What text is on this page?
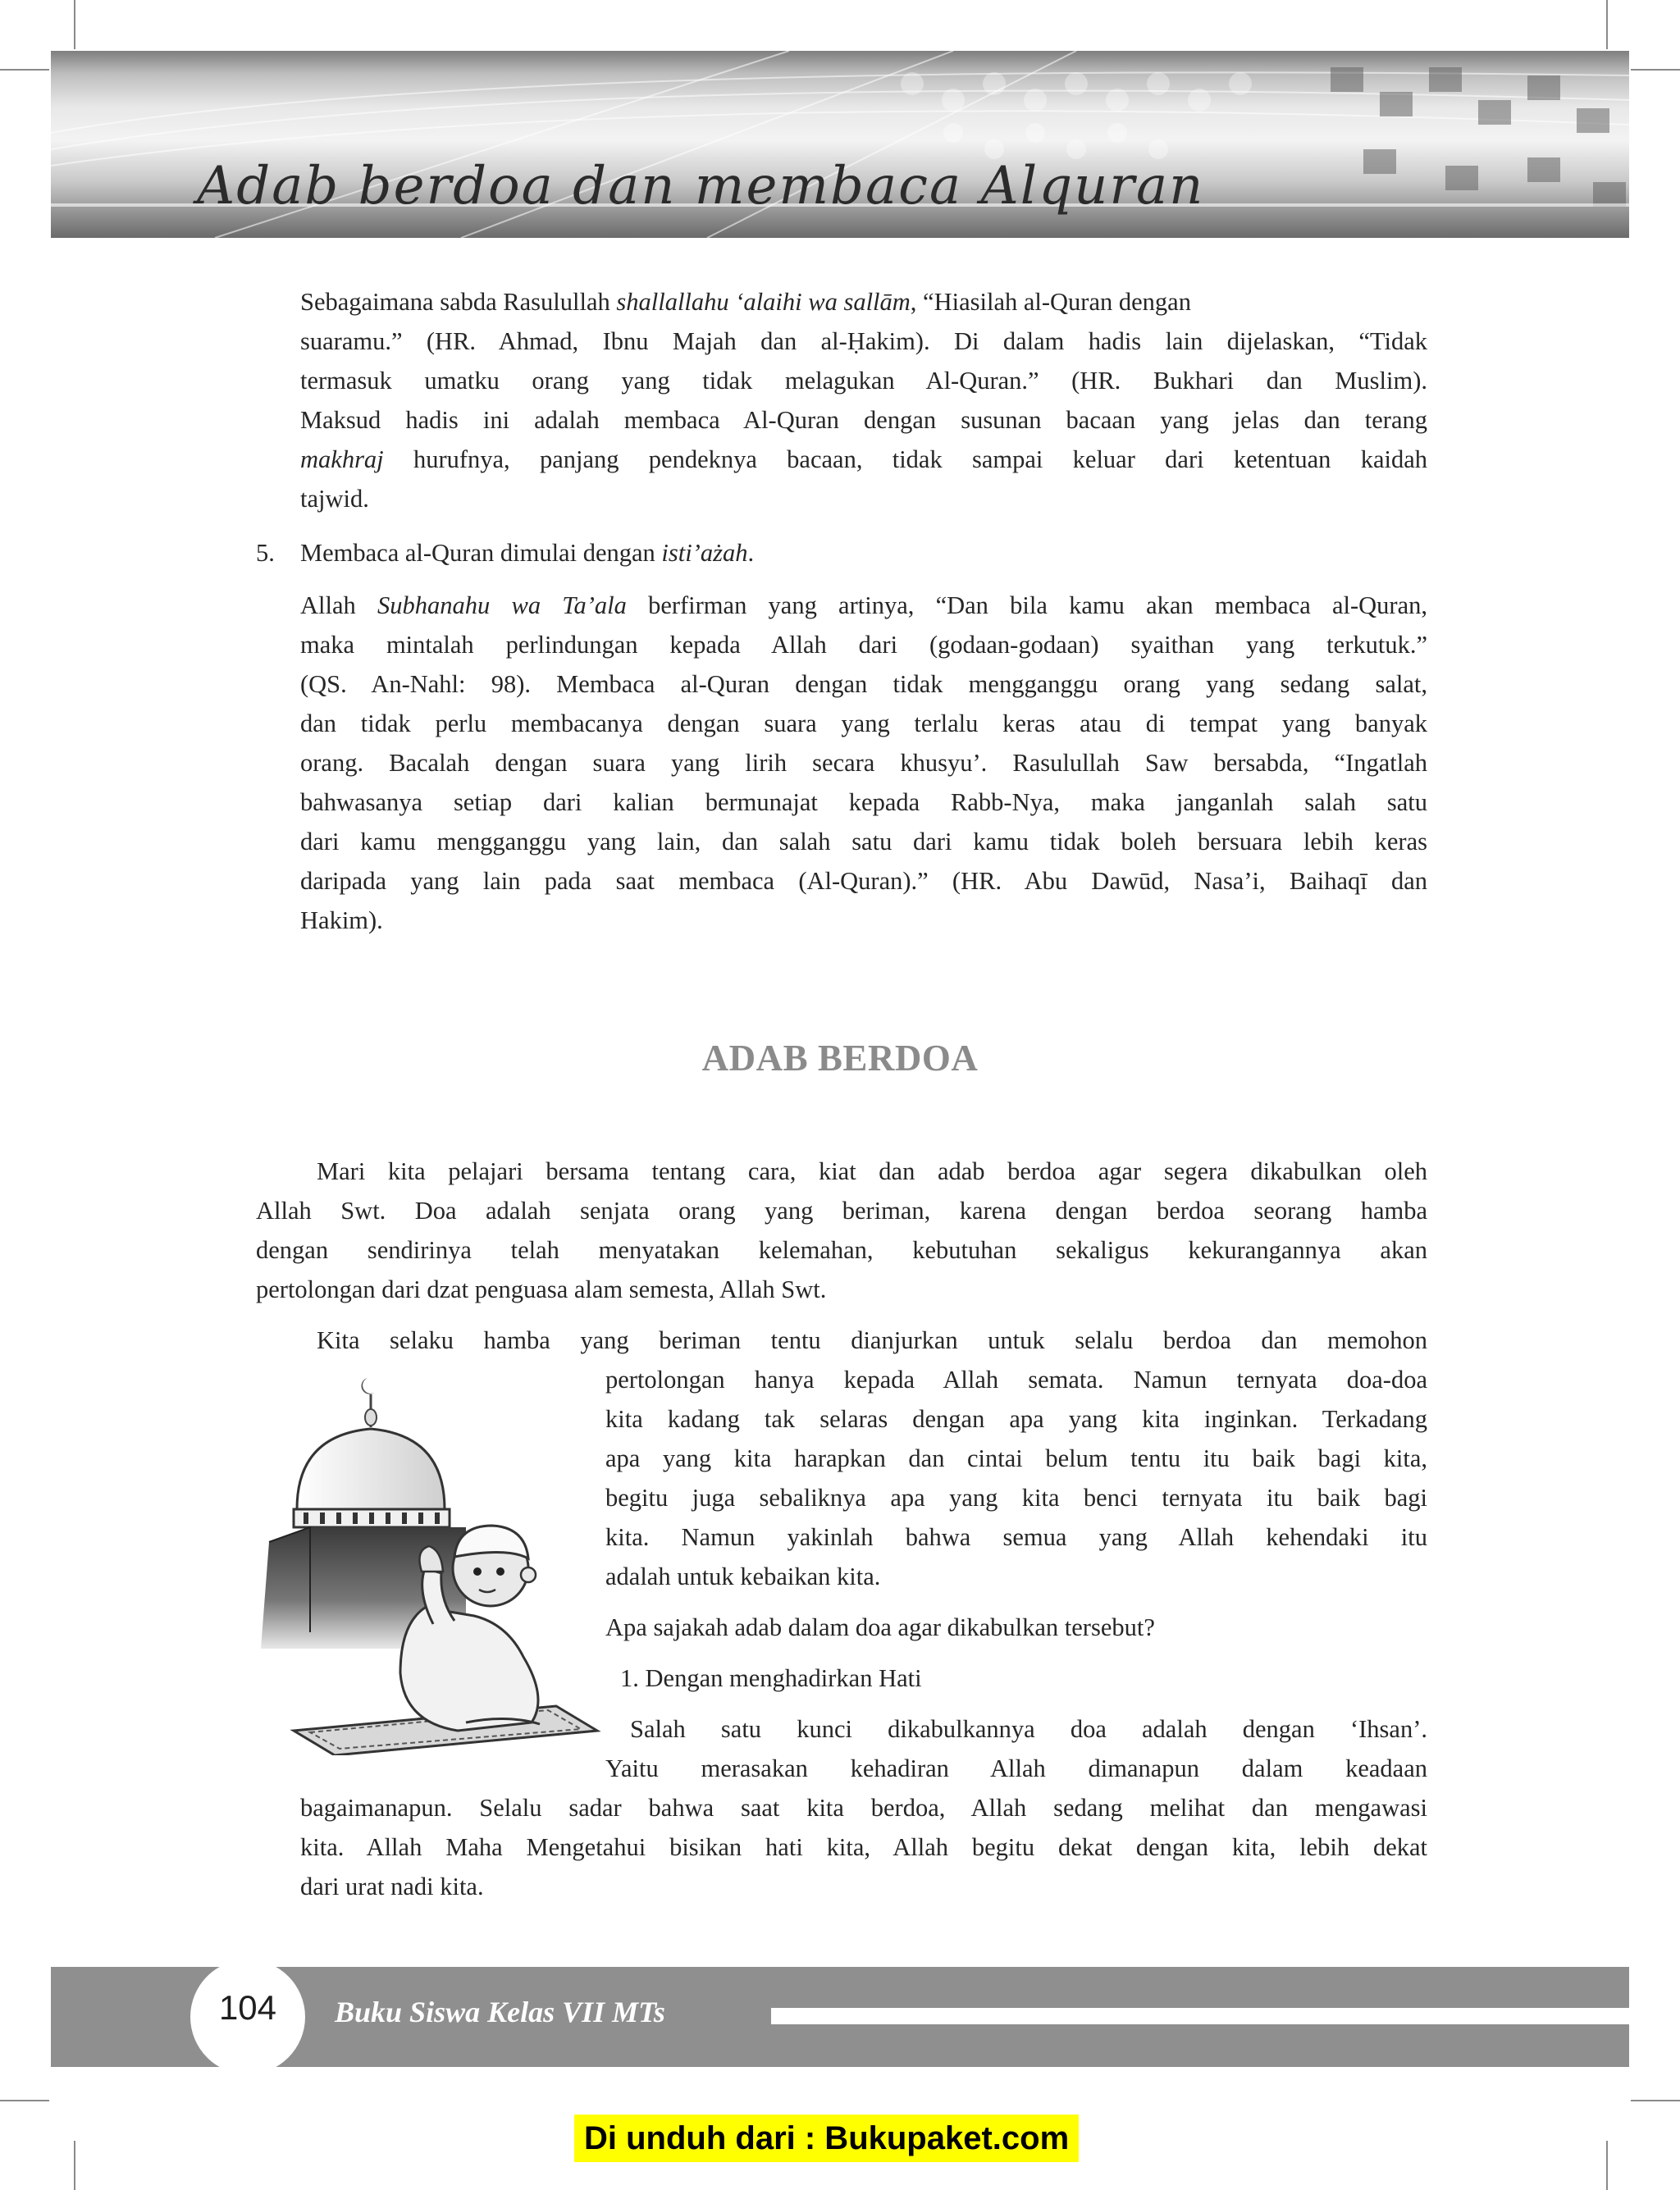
Adab berdoa dan membaca Alquran

Sebagaimana sabda Rasulullah shallallahu ‘alaihi wa sallām, “Hiasilah al-Quran dengan

suaramu.” (HR. Ahmad, Ibnu Majah dan al-Ḥakim). Di dalam hadis lain dijelaskan, “Tidak

termasuk umatku orang yang tidak melagukan Al-Quran.” (HR. Bukhari dan Muslim).

Maksud hadis ini adalah membaca Al-Quran dengan susunan bacaan yang jelas dan terang

makhraj hurufnya, panjang pendeknya bacaan, tidak sampai keluar dari ketentuan kaidah

tajwid.

5. Membaca al-Quran dimulai dengan isti’ażah.

Allah Subhanahu wa Ta’ala berfirman yang artinya, “Dan bila kamu akan membaca al-Quran,

maka mintalah perlindungan kepada Allah dari (godaan-godaan) syaithan yang terkutuk.”

(QS. An-Nahl: 98). Membaca al-Quran dengan tidak mengganggu orang yang sedang salat,

dan tidak perlu membacanya dengan suara yang terlalu keras atau di tempat yang banyak

orang. Bacalah dengan suara yang lirih secara khusyu’. Rasulullah Saw bersabda, “Ingatlah

bahwasanya setiap dari kalian bermunajat kepada Rabb-Nya, maka janganlah salah satu

dari kamu mengganggu yang lain, dan salah satu dari kamu tidak boleh bersuara lebih keras

daripada yang lain pada saat membaca (Al-Quran).” (HR. Abu Dawūd, Nasa’i, Baihaqī dan

Hakim).

ADAB BERDOA

Mari kita pelajari bersama tentang cara, kiat dan adab berdoa agar segera dikabulkan oleh

Allah Swt. Doa adalah senjata orang yang beriman, karena dengan berdoa seorang hamba

dengan sendirinya telah menyatakan kelemahan, kebutuhan sekaligus kekurangannya akan

pertolongan dari dzat penguasa alam semesta, Allah Swt.

Kita selaku hamba yang beriman tentu dianjurkan untuk selalu berdoa dan memohon

pertolongan hanya kepada Allah semata. Namun ternyata doa-doa

kita kadang tak selaras dengan apa yang kita inginkan. Terkadang

apa yang kita harapkan dan cintai belum tentu itu baik bagi kita,

begitu juga sebaliknya apa yang kita benci ternyata itu baik bagi

kita. Namun yakinlah bahwa semua yang Allah kehendaki itu

adalah untuk kebaikan kita.

Apa sajakah adab dalam doa agar dikabulkan tersebut?

1. Dengan menghadirkan Hati

Salah satu kunci dikabulkannya doa adalah dengan ‘Ihsan’.

Yaitu merasakan kehadiran Allah dimanapun dalam keadaan

bagaimanapun. Selalu sadar bahwa saat kita berdoa, Allah sedang melihat dan mengawasi

kita. Allah Maha Mengetahui bisikan hati kita, Allah begitu dekat dengan kita, lebih dekat

dari urat nadi kita.

104	Buku Siswa Kelas VII MTs
Di unduh dari : Bukupaket.com
